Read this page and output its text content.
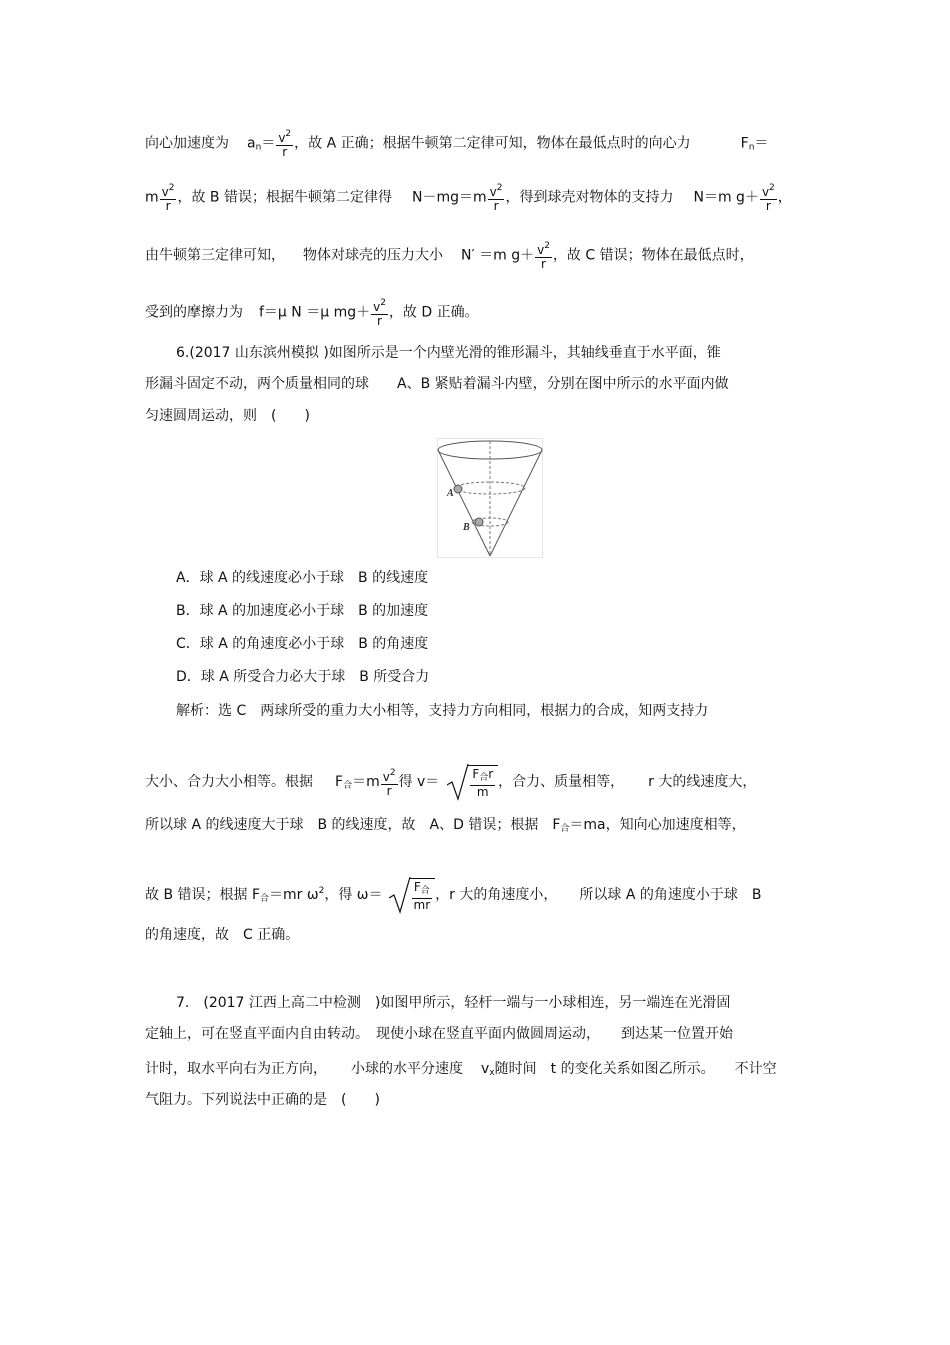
向心加速度为 $a_n= \frac{v^2}{r}$ ，故 A 正确；根据牛顿第二定律可知，物体在最低点时的向心力	$F_n=$
m $\frac{v^2}{r}$ ，故 B 错误；根据牛顿第二定律得 $N-mg=m \frac{v^2}{r}$ ，得到球壳对物体的支持力 N＝m $g+ \frac{v^2}{r}$ ，
由牛顿第三定律可知， 物体对球壳的压力大小 N′ ＝m $g+ \frac{v^2}{r}$ ，故 C 错误；物体在最低点时，
受到的摩擦力为 f＝μ N ＝μ $mg+ \frac{v^2}{r}$ ，故 D 正确。
6.(2017 山东滨州模拟 )如图所示是一个内壁光滑的锥形漏斗，其轴线垂直于水平面，锥
形漏斗固定不动，两个质量相同的球　　A、B 紧贴着漏斗内壁，分别在图中所示的水平面内做
匀速圆周运动，则　(　　)
A
B
A．球 A 的线速度必小于球　B 的线速度
B．球 A 的加速度必小于球　B 的加速度
C．球 A 的角速度必小于球　B 的角速度
D．球 A 所受合力必大于球　B 所受合力
解析：选 C　两球所受的重力大小相等，支持力方向相同，根据力的合成，知两支持力
大小、合力大小相等。根据 $F_合=m \frac{v^2}{r}$ 得 v＝	$\frac{F_合r}{m}$ ，合力、质量相等， r 大的线速度大，
所以球 A 的线速度大于球　B 的线速度，故　A、D 错误；根据 $F_合=ma$，知向心加速度相等，
故 B 错误；根据 $F_合=mr$ $\omega^2$，得 $\omega= \frac{F_合}{mr}$ ，r 大的角速度小， 所以球 A 的角速度小于球　B
的角速度，故　C 正确。
7.　(2017 江西上高二中检测　)如图甲所示，轻杆一端与一小球相连，另一端连在光滑固
定轴上，可在竖直平面内自由转动。　现使小球在竖直平面内做圆周运动，　　到达某一位置开始
计时，取水平向右为正方向， 小球的水平分速度 $v_x$随时间　t 的变化关系如图乙所示。 不计空
气阻力。下列说法中正确的是　(　　)
